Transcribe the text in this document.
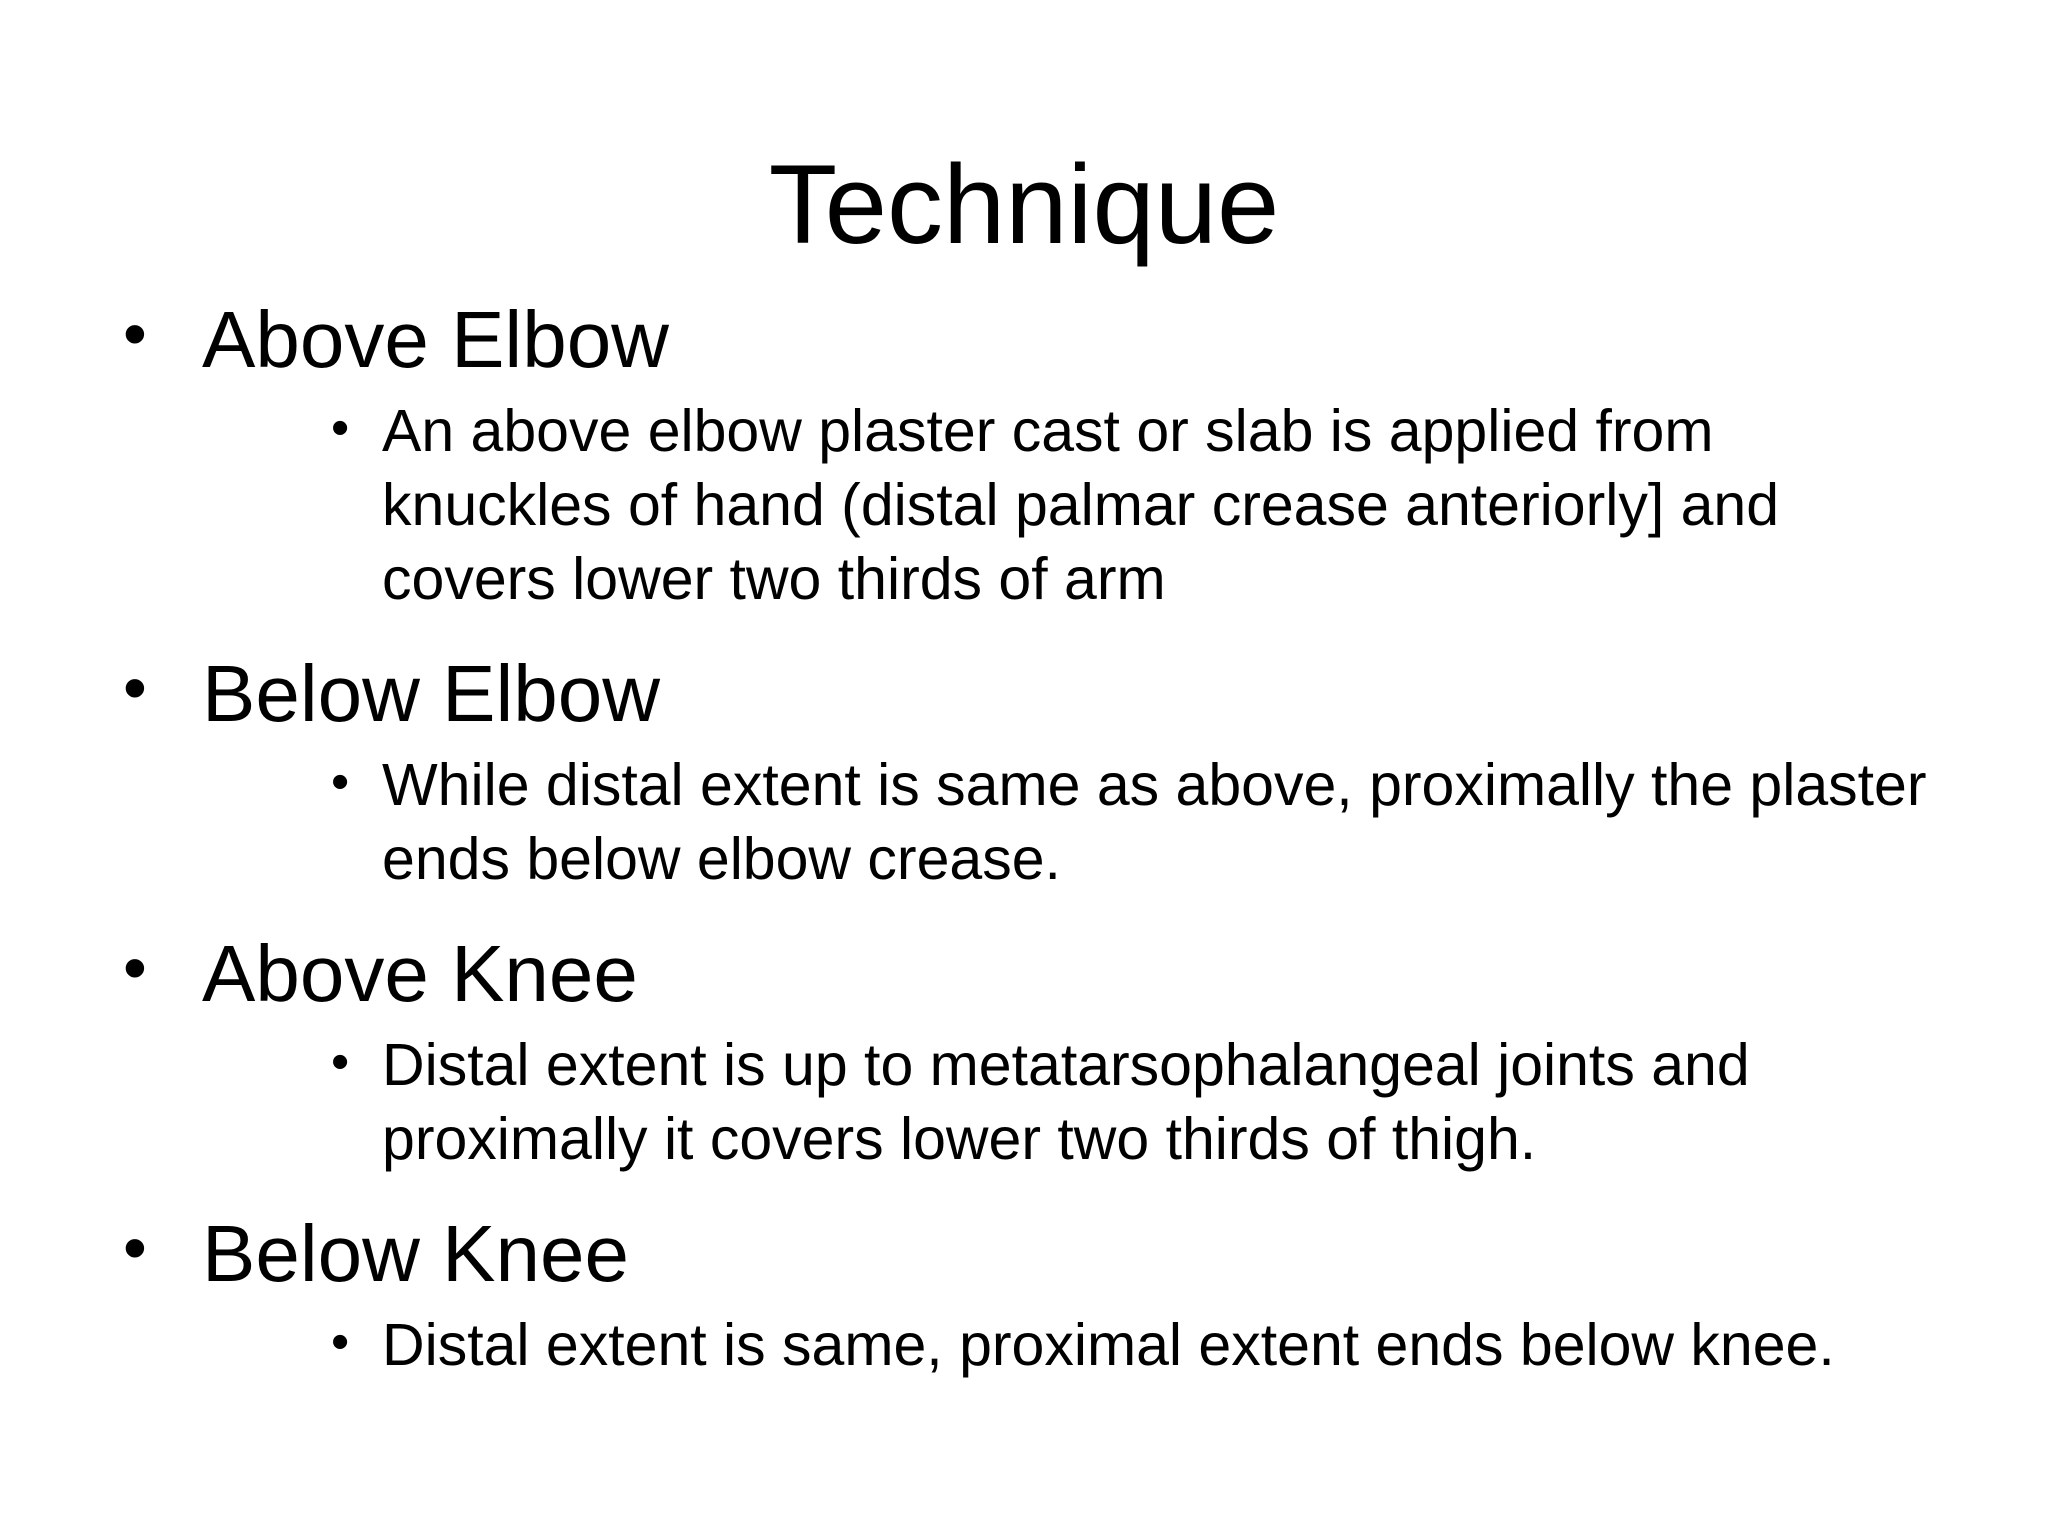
Technique
• Above Elbow
• An above elbow plaster cast or slab is applied from knuckles of hand (distal palmar crease anteriorly] and covers lower two thirds of arm
• Below Elbow
• While distal extent is same as above, proximally the plaster ends below elbow crease.
• Above Knee
• Distal extent is up to metatarsophalangeal joints and proximally it covers lower two thirds of thigh.
• Below Knee
• Distal extent is same, proximal extent ends below knee.
